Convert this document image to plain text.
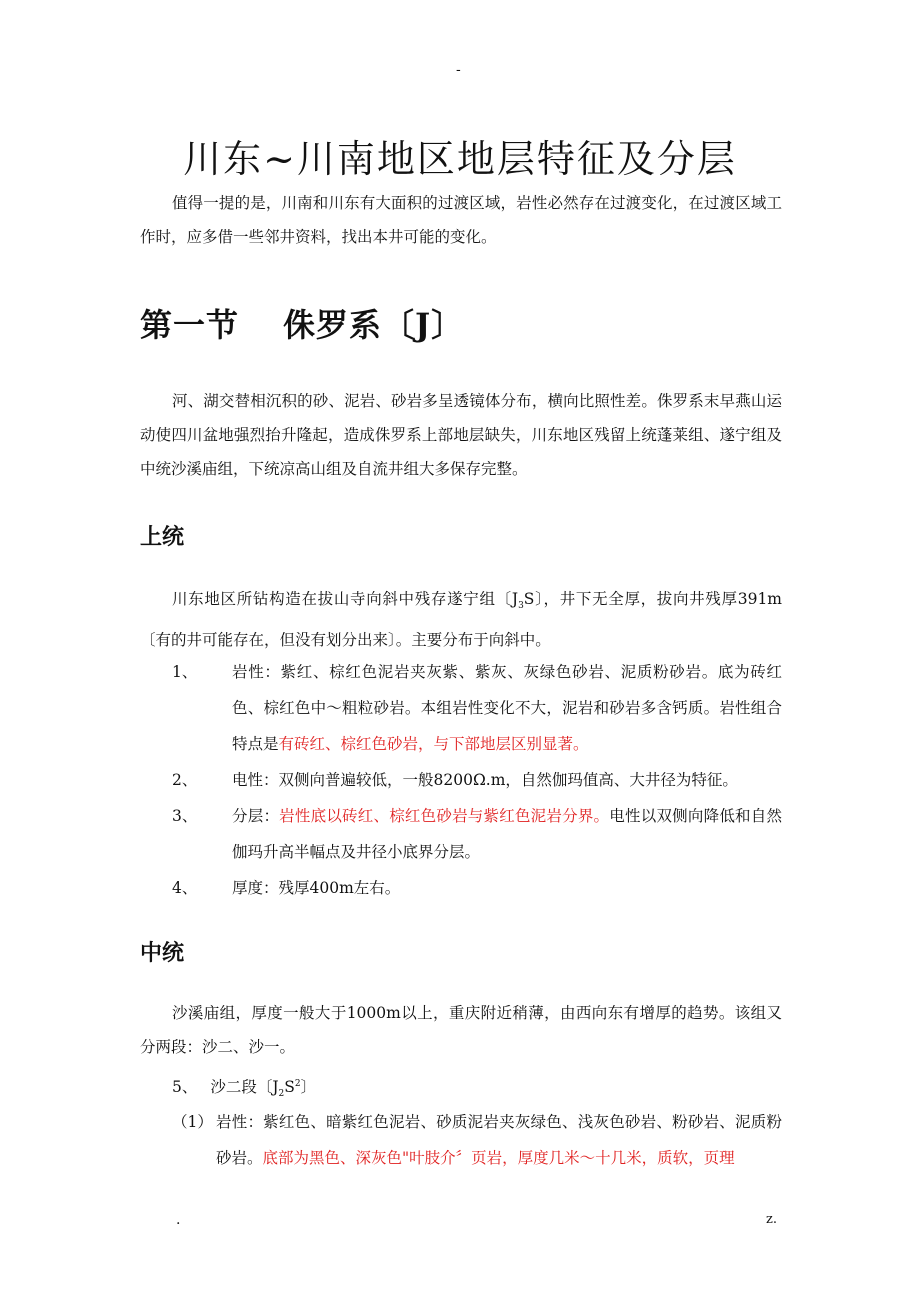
-
川东~川南地区地层特征及分层
值得一提的是，川南和川东有大面积的过渡区域，岩性必然存在过渡变化，在过渡区域工作时，应多借一些邻井资料，找出本井可能的变化。
第一节 侏罗系〔J〕
河、湖交替相沉积的砂、泥岩、砂岩多呈透镜体分布，横向比照性差。侏罗系末早燕山运动使四川盆地强烈抬升隆起，造成侏罗系上部地层缺失，川东地区残留上统蓬莱组、遂宁组及中统沙溪庙组，下统凉高山组及自流井组大多保存完整。
上统
川东地区所钻构造在拔山寺向斜中残存遂宁组〔$J_3S$〕，井下无全厚，拔向井残厚391m〔有的井可能存在，但没有划分出来〕。主要分布于向斜中。
1、 岩性：紫红、棕红色泥岩夹灰紫、紫灰、灰绿色砂岩、泥质粉砂岩。底为砖红色、棕红色中～粗粒砂岩。本组岩性变化不大，泥岩和砂岩多含钙质。岩性组合特点是有砖红、棕红色砂岩，与下部地层区别显著。
2、 电性：双侧向普遍较低，一般8200Ω.m，自然伽玛值高、大井径为特征。
3、 分层：岩性底以砖红、棕红色砂岩与紫红色泥岩分界。电性以双侧向降低和自然伽玛升高半幅点及井径小底界分层。
4、 厚度：残厚400m左右。
中统
沙溪庙组，厚度一般大于1000m以上，重庆附近稍薄，由西向东有增厚的趋势。该组又分两段：沙二、沙一。
5、 沙二段〔$J_2S^2$〕
（1） 岩性：紫红色、暗紫红色泥岩、砂质泥岩夹灰绿色、浅灰色砂岩、粉砂岩、泥质粉砂岩。底部为黑色、深灰色"叶肢介〞页岩，厚度几米～十几米，质软，页理
.	z.
